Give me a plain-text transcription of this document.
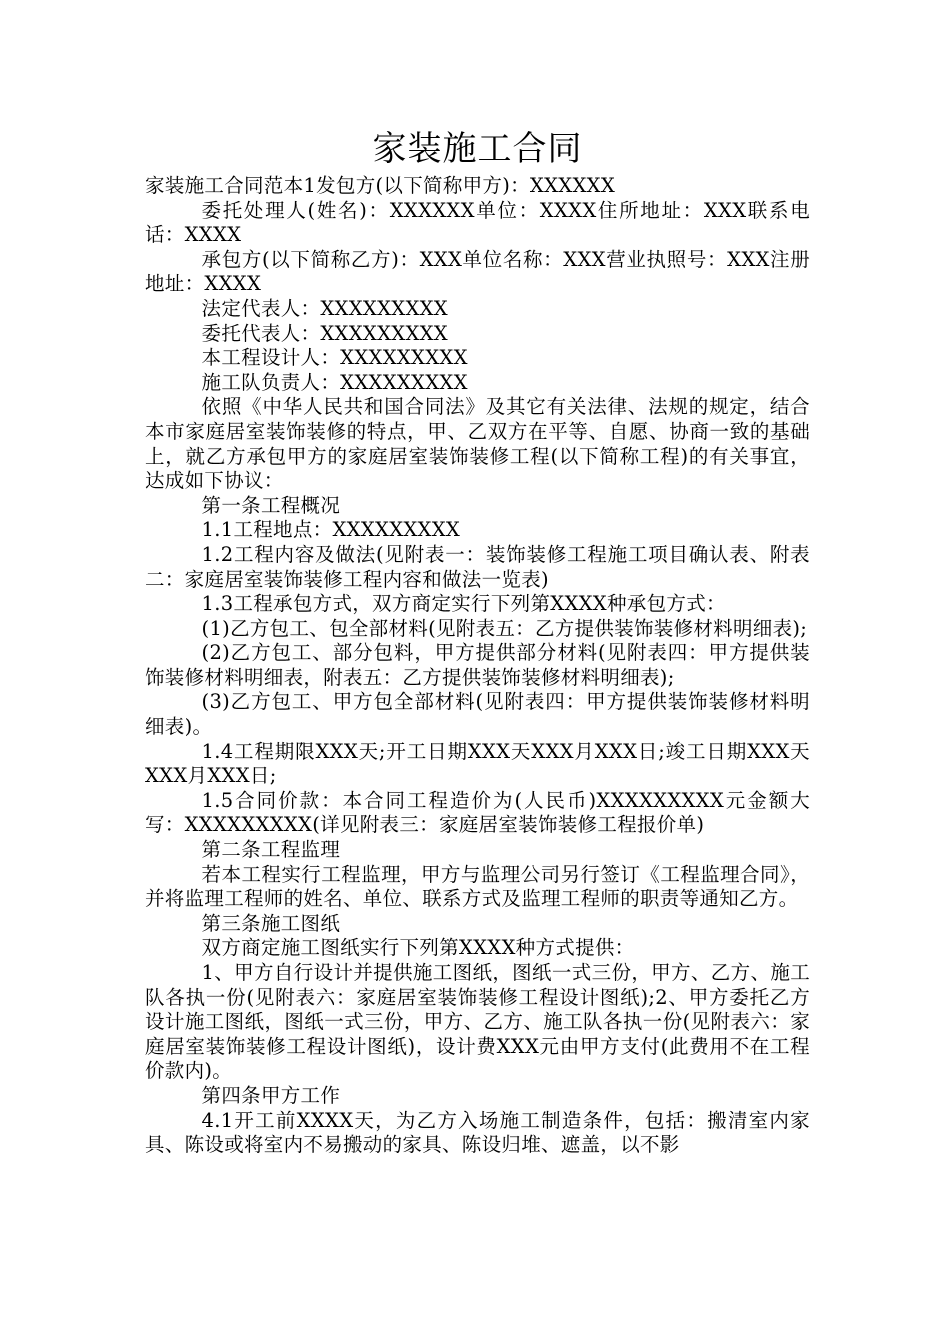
家装施工合同

家装施工合同范本1发包方(以下简称甲方)：XXXXXX

委托处理人(姓名)：XXXXXX单位：XXXX住所地址：XXX联系电话：XXXX

承包方(以下简称乙方)：XXX单位名称：XXX营业执照号：XXX注册地址：XXXX

法定代表人：XXXXXXXXX

委托代表人：XXXXXXXXX

本工程设计人：XXXXXXXXX

施工队负责人：XXXXXXXXX

依照《中华人民共和国合同法》及其它有关法律、法规的规定，结合本市家庭居室装饰装修的特点，甲、乙双方在平等、自愿、协商一致的基础上，就乙方承包甲方的家庭居室装饰装修工程(以下简称工程)的有关事宜，达成如下协议：

第一条工程概况

1.1工程地点：XXXXXXXXX

1.2工程内容及做法(见附表一：装饰装修工程施工项目确认表、附表二：家庭居室装饰装修工程内容和做法一览表)

1.3工程承包方式，双方商定实行下列第XXXX种承包方式：

(1)乙方包工、包全部材料(见附表五：乙方提供装饰装修材料明细表);

(2)乙方包工、部分包料，甲方提供部分材料(见附表四：甲方提供装饰装修材料明细表，附表五：乙方提供装饰装修材料明细表);

(3)乙方包工、甲方包全部材料(见附表四：甲方提供装饰装修材料明细表)。

1.4工程期限XXX天;开工日期XXX天XXX月XXX日;竣工日期XXX天XXX月XXX日;

1.5合同价款：本合同工程造价为(人民币)XXXXXXXXX元金额大写：XXXXXXXXX(详见附表三：家庭居室装饰装修工程报价单)

第二条工程监理

若本工程实行工程监理，甲方与监理公司另行签订《工程监理合同》，并将监理工程师的姓名、单位、联系方式及监理工程师的职责等通知乙方。

第三条施工图纸

双方商定施工图纸实行下列第XXXX种方式提供：

1、甲方自行设计并提供施工图纸，图纸一式三份，甲方、乙方、施工队各执一份(见附表六：家庭居室装饰装修工程设计图纸);2、甲方委托乙方设计施工图纸，图纸一式三份，甲方、乙方、施工队各执一份(见附表六：家庭居室装饰装修工程设计图纸)，设计费XXX元由甲方支付(此费用不在工程价款内)。

第四条甲方工作

4.1开工前XXXX天，为乙方入场施工制造条件，包括：搬清室内家具、陈设或将室内不易搬动的家具、陈设归堆、遮盖，以不影
